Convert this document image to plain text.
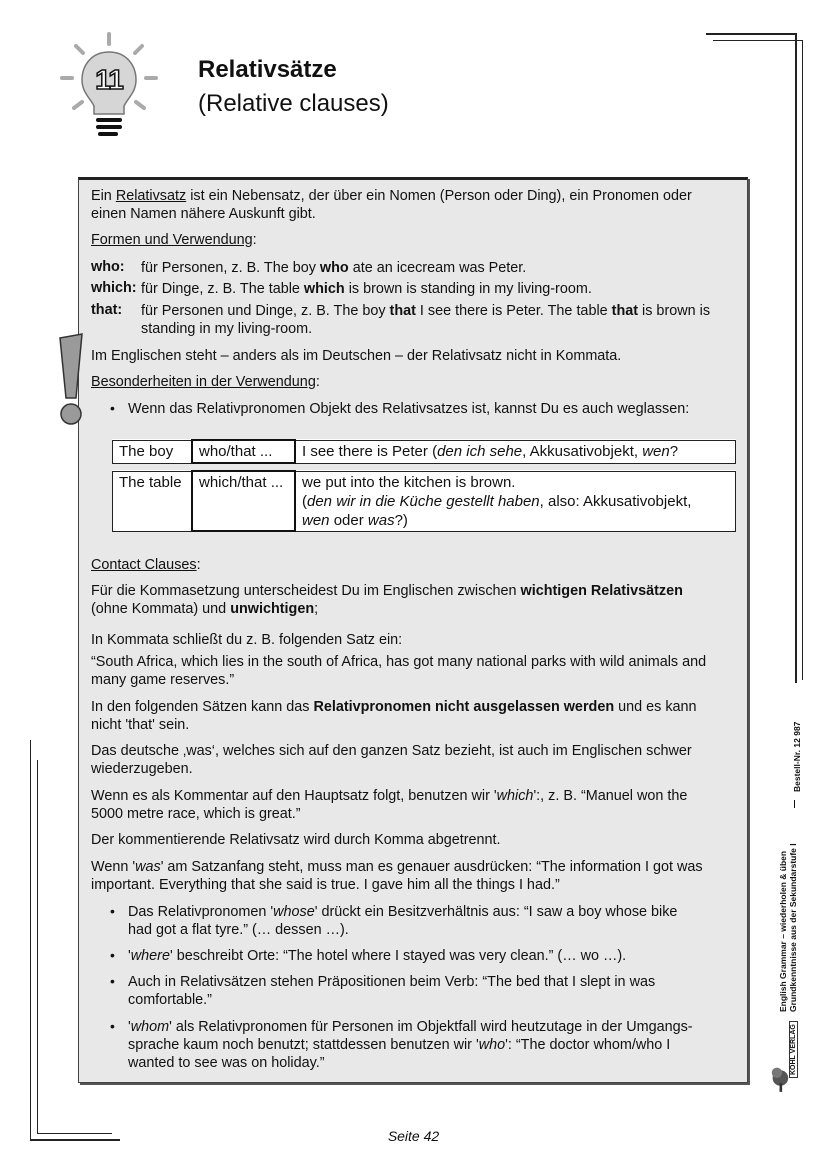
11	Relativsätze
(Relative clauses)
Ein Relativsatz ist ein Nebensatz, der über ein Nomen (Person oder Ding), ein Pronomen oder
einen Namen nähere Auskunft gibt.
Formen und Verwendung:
who: für Personen, z. B. The boy who ate an icecream was Peter.
which: für Dinge, z. B. The table which is brown is standing in my living-room.
that: für Personen und Dinge, z. B. The boy that I see there is Peter. The table that is brown is
standing in my living-room.
Im Englischen steht – anders als im Deutschen – der Relativsatz nicht in Kommata.
Besonderheiten in der Verwendung:
• Wenn das Relativpronomen Objekt des Relativsatzes ist, kannst Du es auch weglassen:
The boy	who/that ...	I see there is Peter (den ich sehe, Akkusativobjekt, wen?
The table	which/that ...	we put into the kitchen is brown.
(den wir in die Küche gestellt haben, also: Akkusativobjekt,
wen oder was?)
Contact Clauses:
Für die Kommasetzung unterscheidest Du im Englischen zwischen wichtigen Relativsätzen
(ohne Kommata) und unwichtigen;
In Kommata schließt du z. B. folgenden Satz ein:
“South Africa, which lies in the south of Africa, has got many national parks with wild animals and
many game reserves.”
In den folgenden Sätzen kann das Relativpronomen nicht ausgelassen werden und es kann
nicht 'that' sein.
Das deutsche ‚was‘, welches sich auf den ganzen Satz bezieht, ist auch im Englischen schwer
wiederzugeben.
Wenn es als Kommentar auf den Hauptsatz folgt, benutzen wir 'which':, z. B. “Manuel won the
5000 metre race, which is great.”
Der kommentierende Relativsatz wird durch Komma abgetrennt.
Wenn 'was' am Satzanfang steht, muss man es genauer ausdrücken: “The information I got was
important. Everything that she said is true. I gave him all the things I had.”
• Das Relativpronomen 'whose' drückt ein Besitzverhältnis aus: “I saw a boy whose bike
had got a flat tyre.” (… dessen …).
• 'where' beschreibt Orte: “The hotel where I stayed was very clean.” (… wo …).
• Auch in Relativsätzen stehen Präpositionen beim Verb: “The bed that I slept in was
comfortable.”
• 'whom' als Relativpronomen für Personen im Objektfall wird heutzutage in der Umgangs-
sprache kaum noch benutzt; stattdessen benutzen wir 'who': “The doctor whom/who I
wanted to see was on holiday.”
English Grammar – wiederholen & üben Grundkenntnisse aus der Sekundarstufe I
Bestell-Nr. 12 987
KOHL VERLAG
Seite 42
